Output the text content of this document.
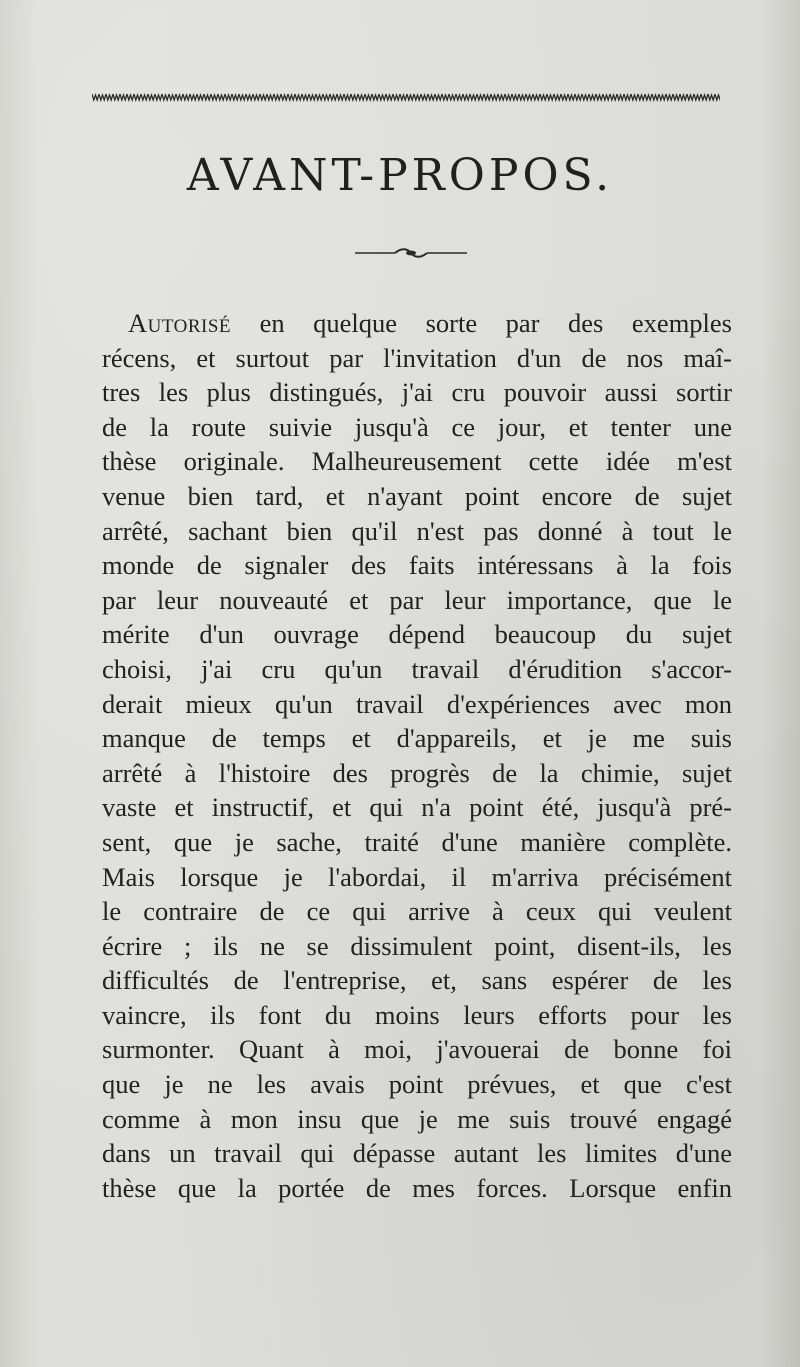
AVANT-PROPOS.
Autorisé en quelque sorte par des exemples
récens, et surtout par l'invitation d'un de nos maî-
tres les plus distingués, j'ai cru pouvoir aussi sortir
de la route suivie jusqu'à ce jour, et tenter une
thèse originale. Malheureusement cette idée m'est
venue bien tard, et n'ayant point encore de sujet
arrêté, sachant bien qu'il n'est pas donné à tout le
monde de signaler des faits intéressans à la fois
par leur nouveauté et par leur importance, que le
mérite d'un ouvrage dépend beaucoup du sujet
choisi, j'ai cru qu'un travail d'érudition s'accor-
derait mieux qu'un travail d'expériences avec mon
manque de temps et d'appareils, et je me suis
arrêté à l'histoire des progrès de la chimie, sujet
vaste et instructif, et qui n'a point été, jusqu'à pré-
sent, que je sache, traité d'une manière complète.
Mais lorsque je l'abordai, il m'arriva précisément
le contraire de ce qui arrive à ceux qui veulent
écrire ; ils ne se dissimulent point, disent-ils, les
difficultés de l'entreprise, et, sans espérer de les
vaincre, ils font du moins leurs efforts pour les
surmonter. Quant à moi, j'avouerai de bonne foi
que je ne les avais point prévues, et que c'est
comme à mon insu que je me suis trouvé engagé
dans un travail qui dépasse autant les limites d'une
thèse que la portée de mes forces. Lorsque enfin
